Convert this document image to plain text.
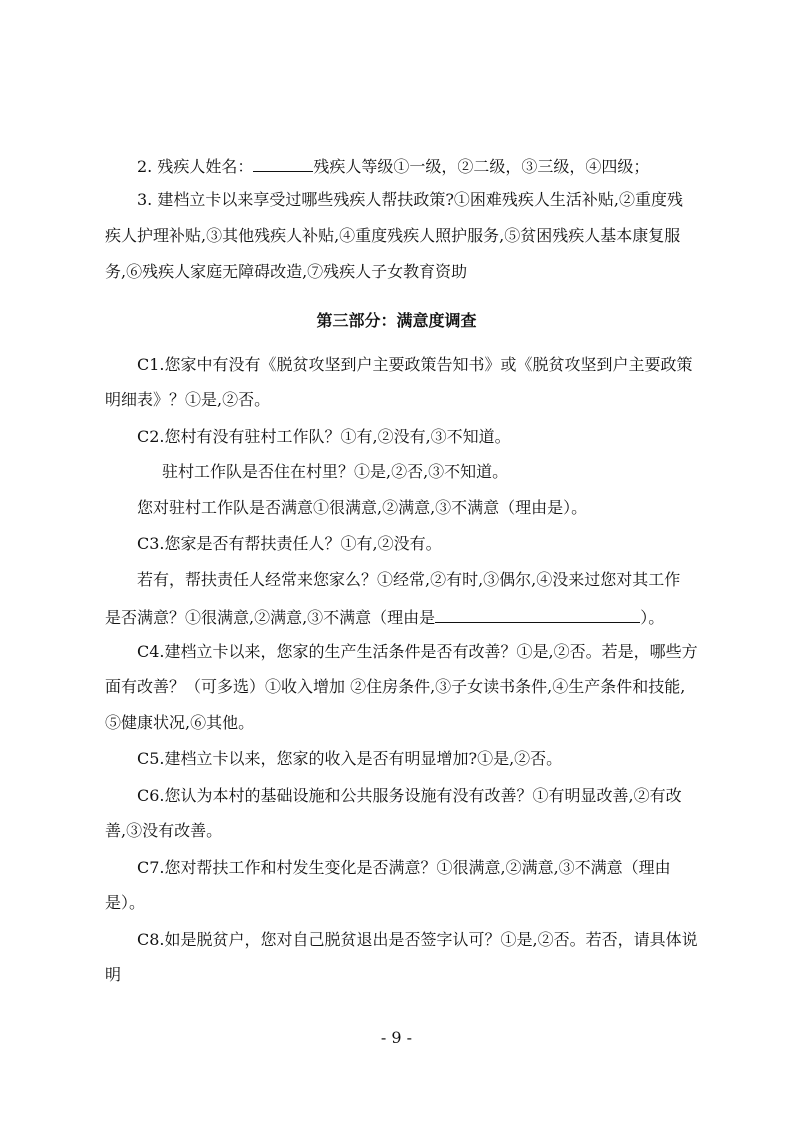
2. 残疾人姓名：	残疾人等级①一级，②二级，③三级，④四级；
3. 建档立卡以来享受过哪些残疾人帮扶政策?①困难残疾人生活补贴,②重度残
疾人护理补贴,③其他残疾人补贴,④重度残疾人照护服务,⑤贫困残疾人基本康复服
务,⑥残疾人家庭无障碍改造,⑦残疾人子女教育资助
第三部分：满意度调查
C1.您家中有没有《脱贫攻坚到户主要政策告知书》或《脱贫攻坚到户主要政策
明细表》？①是,②否。
C2.您村有没有驻村工作队？①有,②没有,③不知道。
驻村工作队是否住在村里？①是,②否,③不知道。
您对驻村工作队是否满意①很满意,②满意,③不满意（理由是）。
C3.您家是否有帮扶责任人？①有,②没有。
若有，帮扶责任人经常来您家么？①经常,②有时,③偶尔,④没来过您对其工作
是否满意？①很满意,②满意,③不满意（理由是	）。
C4.建档立卡以来，您家的生产生活条件是否有改善？①是,②否。若是，哪些方
面有改善？（可多选）①收入增加 ②住房条件,③子女读书条件,④生产条件和技能,
⑤健康状况,⑥其他。
C5.建档立卡以来，您家的收入是否有明显增加?①是,②否。
C6.您认为本村的基础设施和公共服务设施有没有改善？①有明显改善,②有改
善,③没有改善。
C7.您对帮扶工作和村发生变化是否满意？①很满意,②满意,③不满意（理由
是）。
C8.如是脱贫户，您对自己脱贫退出是否签字认可？①是,②否。若否，请具体说
明
- 9 -
